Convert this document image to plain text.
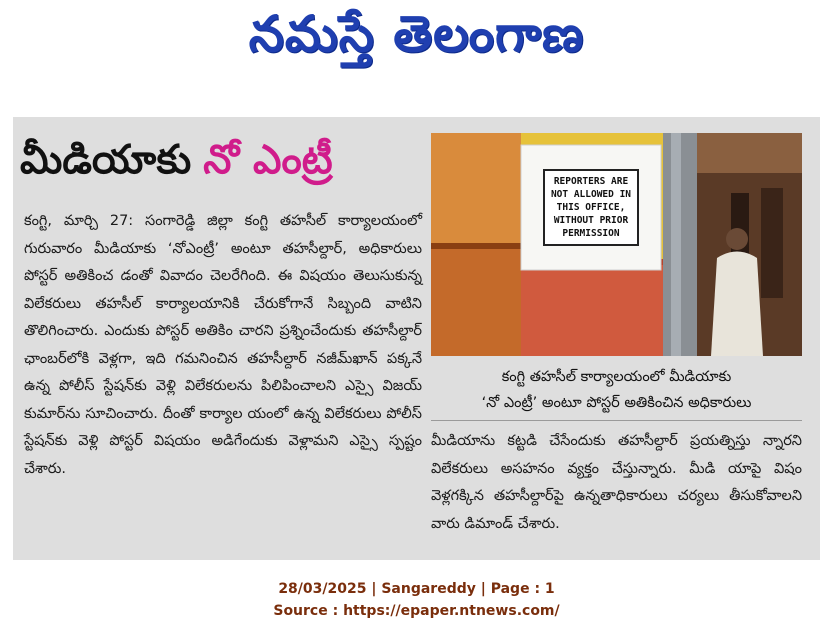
నమస్తే తెలంగాణ
మీడియాకు నో ఎంట్రీ
కంగ్టి, మార్చి 27: సంగారెడ్డి జిల్లా కంగ్టి తహసీల్ కార్యాలయంలో గురువారం మీడియాకు ‘నోఎంట్రీ’ అంటూ తహసీల్దార్, అధికారులు పోస్టర్ అతికించ డంతో వివాదం చెలరేగింది. ఈ విషయం తెలుసుకున్న విలేకరులు తహసీల్ కార్యాలయానికి చేరుకోగానే సిబ్బంది వాటిని తొలిగించారు. ఎందుకు పోస్టర్ అతికిం చారని ప్రశ్నించేందుకు తహసీల్దార్ ఛాంబర్‌లోకి వెళ్లగా, ఇది గమనించిన తహసీల్దార్ నజీమ్‌ఖాన్ పక్కనే ఉన్న పోలీస్ స్టేషన్‌కు వెళ్లి విలేకరులను పిలిపించాలని ఎస్సై విజయ్ కుమార్‌ను సూచించారు. దీంతో కార్యాల యంలో ఉన్న విలేకరులు పోలీస్ స్టేషన్‌కు వెళ్లి పోస్టర్ విషయం అడిగేందుకు వెళ్లామని ఎస్సై స్పష్టం చేశారు.
REPORTERS ARE
NOT ALLOWED IN
THIS OFFICE,
WITHOUT PRIOR
PERMISSION
కంగ్టి తహసీల్ కార్యాలయంలో మీడియాకు
‘నో ఎంట్రీ’ అంటూ పోస్టర్ అతికించిన అధికారులు
మీడియాను కట్టడి చేసేందుకు తహసీల్దార్ ప్రయత్నిస్తు న్నారని విలేకరులు అసహనం వ్యక్తం చేస్తున్నారు. మీడి యాపై విషం వెళ్లగక్కిన తహసీల్దార్‌పై ఉన్నతాధికారులు చర్యలు తీసుకోవాలని వారు డిమాండ్ చేశారు.
28/03/2025 | Sangareddy | Page : 1
Source : https://epaper.ntnews.com/
